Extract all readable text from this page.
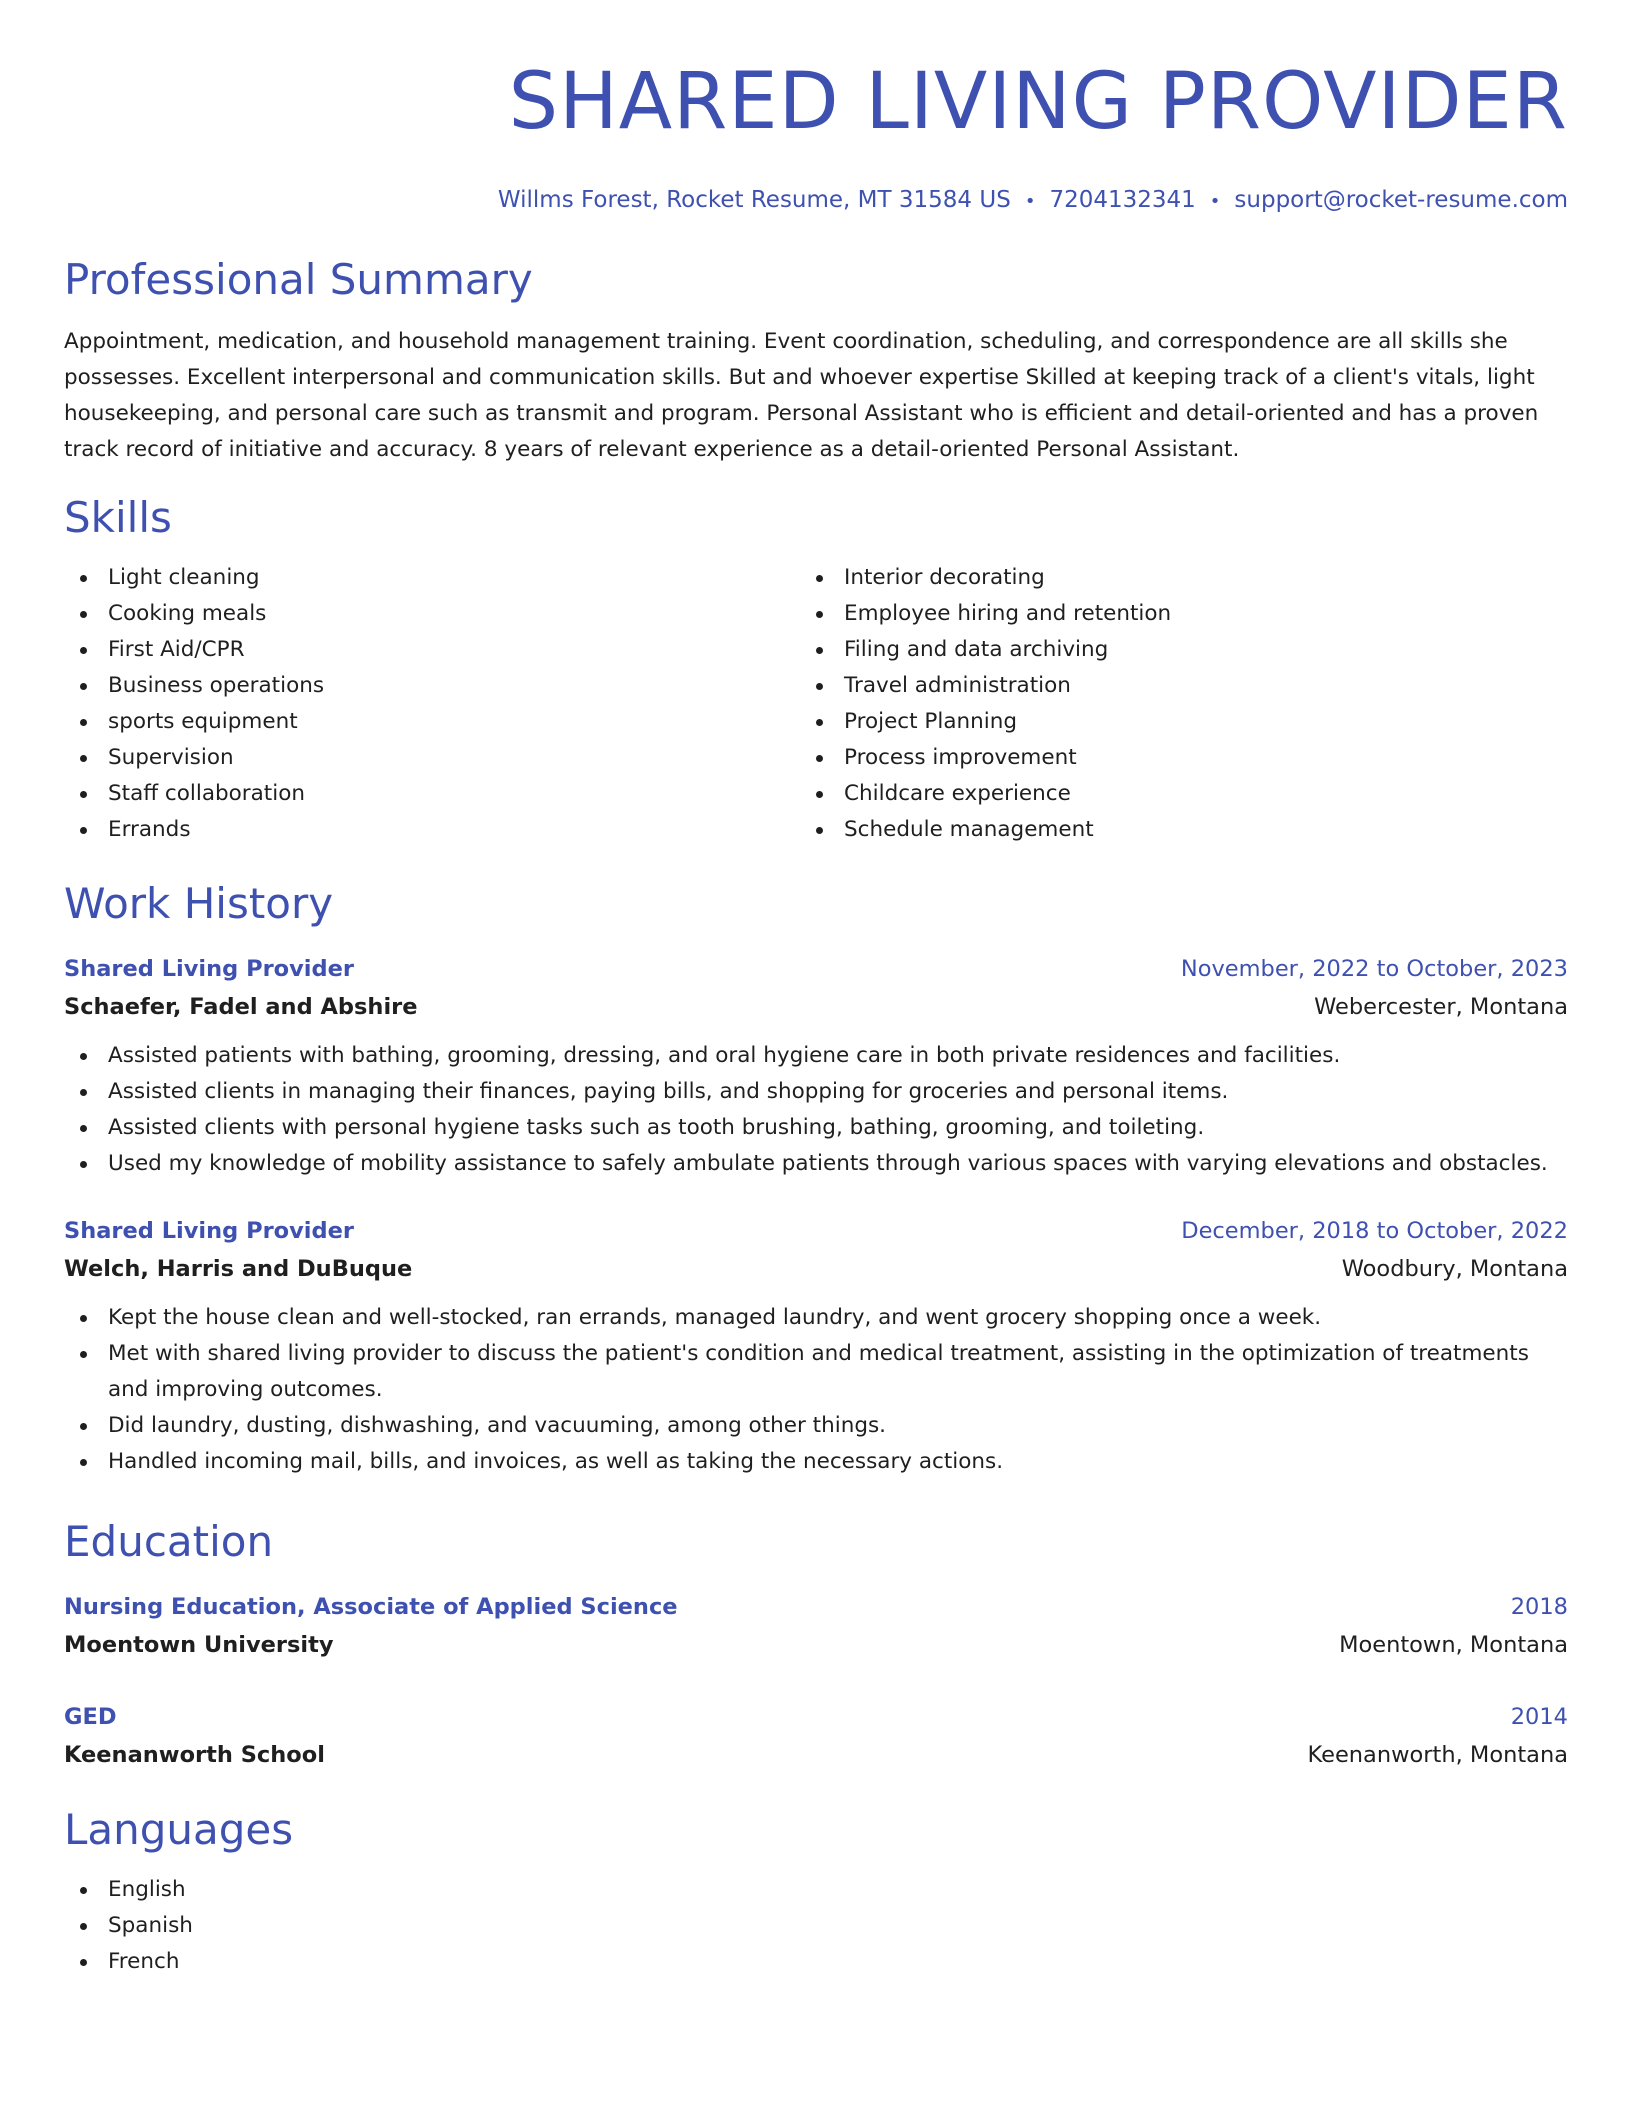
SHARED LIVING PROVIDER
Willms Forest, Rocket Resume, MT 31584 US • 7204132341 • support@rocket-resume.com
Professional Summary

Appointment, medication, and household management training. Event coordination, scheduling, and correspondence are all skills she possesses. Excellent interpersonal and communication skills. But and whoever expertise Skilled at keeping track of a client's vitals, light housekeeping, and personal care such as transmit and program. Personal Assistant who is efficient and detail-oriented and has a proven track record of initiative and accuracy. 8 years of relevant experience as a detail-oriented Personal Assistant.

Skills
Light cleaning
Cooking meals
First Aid/CPR
Business operations
sports equipment
Supervision
Staff collaboration
Errands
Interior decorating
Employee hiring and retention
Filing and data archiving
Travel administration
Project Planning
Process improvement
Childcare experience
Schedule management
Work History
Shared Living Provider	November, 2022 to October, 2023
Schaefer, Fadel and Abshire	Webercester, Montana
Assisted patients with bathing, grooming, dressing, and oral hygiene care in both private residences and facilities.
Assisted clients in managing their finances, paying bills, and shopping for groceries and personal items.
Assisted clients with personal hygiene tasks such as tooth brushing, bathing, grooming, and toileting.
Used my knowledge of mobility assistance to safely ambulate patients through various spaces with varying elevations and obstacles.
Shared Living Provider	December, 2018 to October, 2022
Welch, Harris and DuBuque	Woodbury, Montana
Kept the house clean and well-stocked, ran errands, managed laundry, and went grocery shopping once a week.
Met with shared living provider to discuss the patient's condition and medical treatment, assisting in the optimization of treatments and improving outcomes.
Did laundry, dusting, dishwashing, and vacuuming, among other things.
Handled incoming mail, bills, and invoices, as well as taking the necessary actions.
Education
Nursing Education, Associate of Applied Science	2018
Moentown University	Moentown, Montana
GED	2014
Keenanworth School	Keenanworth, Montana
Languages
English
Spanish
French
